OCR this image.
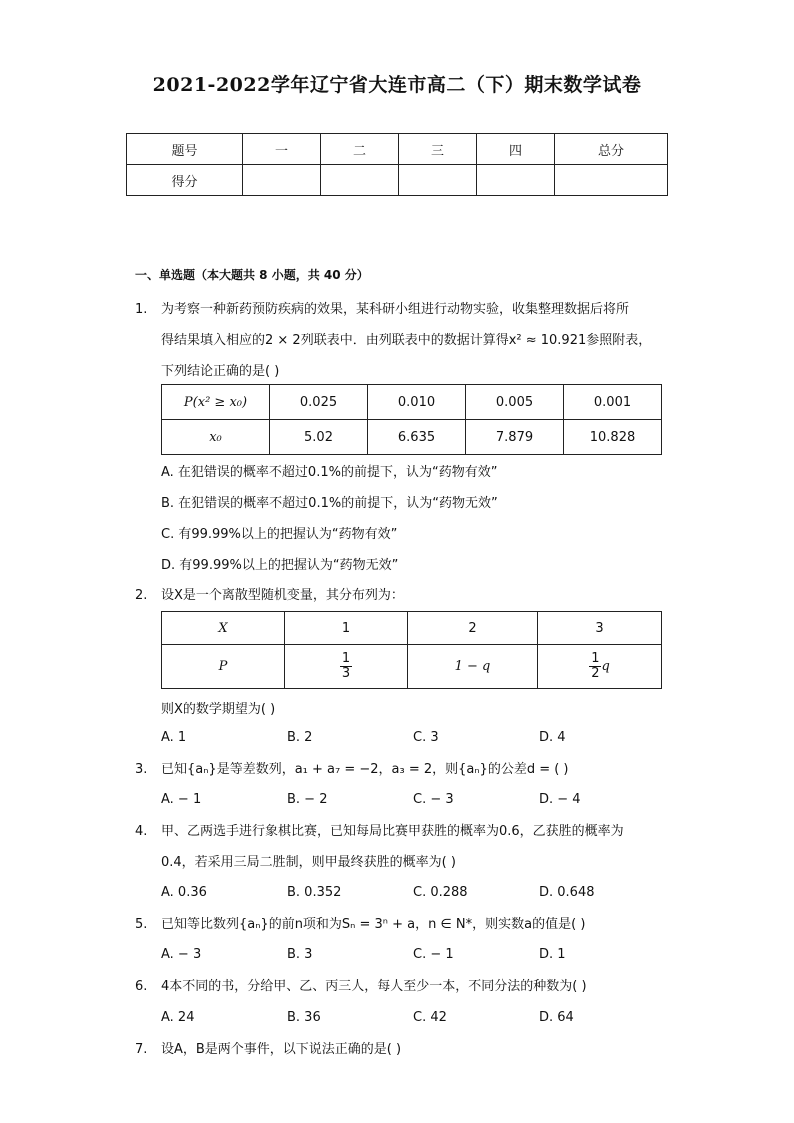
2021-2022学年辽宁省大连市高二（下）期末数学试卷
题号	一	二	三	四	总分
得分					
一、单选题（本大题共 8 小题，共 40 分）
1.	为考察一种新药预防疾病的效果，某科研小组进行动物实验，收集整理数据后将所
得结果填入相应的2 × 2列联表中．由列联表中的数据计算得x² ≈ 10.921参照附表，
下列结论正确的是( )
P(x² ≥ x₀)	0.025	0.010	0.005	0.001
x₀	5.02	6.635	7.879	10.828
A. 在犯错误的概率不超过0.1%的前提下，认为“药物有效”
B. 在犯错误的概率不超过0.1%的前提下，认为“药物无效”
C. 有99.99%以上的把握认为“药物有效”
D. 有99.99%以上的把握认为“药物无效”
2.	设X是一个离散型随机变量，其分布列为：
X	1	2	3
P	$\frac{1}{3}$	1 − q	$\frac{1}{2}$ q
则X的数学期望为( )
A. 1	B. 2	C. 3	D. 4
3.	已知{aₙ}是等差数列，a₁ + a₇ = −2，a₃ = 2，则{aₙ}的公差d = ( )
A. − 1	B. − 2	C. − 3	D. − 4
4.	甲、乙两选手进行象棋比赛，已知每局比赛甲获胜的概率为0.6，乙获胜的概率为
0.4，若采用三局二胜制，则甲最终获胜的概率为( )
A. 0.36	B. 0.352	C. 0.288	D. 0.648
5.	已知等比数列{aₙ}的前n项和为Sₙ = 3ⁿ + a，n ∈ N*，则实数a的值是( )
A. − 3	B. 3	C. − 1	D. 1
6.	4本不同的书，分给甲、乙、丙三人，每人至少一本，不同分法的种数为( )
A. 24	B. 36	C. 42	D. 64
7.	设A，B是两个事件，以下说法正确的是( )
